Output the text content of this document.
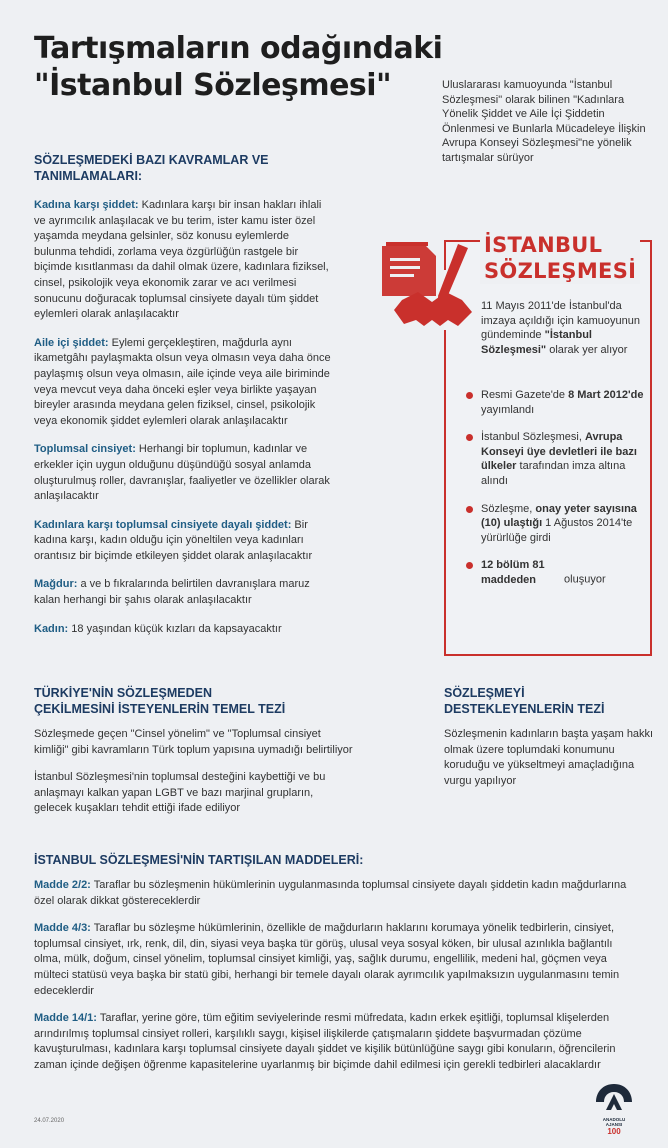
Tartışmaların odağındaki
"İstanbul Sözleşmesi"	Uluslararası kamuoyunda "İstanbul Sözleşmesi" olarak bilinen "Kadınlara Yönelik Şiddet ve Aile İçi Şiddetin Önlenmesi ve Bunlarla Mücadeleye İlişkin Avrupa Konseyi Sözleşmesi"ne yönelik tartışmalar sürüyor
SÖZLEŞMEDEKİ BAZI KAVRAMLAR VE
TANIMLAMALARI:

Kadına karşı şiddet: Kadınlara karşı bir insan hakları ihlali ve ayrımcılık anlaşılacak ve bu terim, ister kamu ister özel yaşamda meydana gelsinler, söz konusu eylemlerde bulunma tehdidi, zorlama veya özgürlüğün rastgele bir biçimde kısıtlanması da dahil olmak üzere, kadınlara fiziksel, cinsel, psikolojik veya ekonomik zarar ve acı verilmesi sonucunu doğuracak toplumsal cinsiyete dayalı tüm şiddet eylemleri olarak anlaşılacaktır

Aile içi şiddet: Eylemi gerçekleştiren, mağdurla aynı ikametgâhı paylaşmakta olsun veya olmasın veya daha önce paylaşmış olsun veya olmasın, aile içinde veya aile biriminde veya mevcut veya daha önceki eşler veya birlikte yaşayan bireyler arasında meydana gelen fiziksel, cinsel, psikolojik veya ekonomik şiddet eylemleri olarak anlaşılacaktır

Toplumsal cinsiyet: Herhangi bir toplumun, kadınlar ve erkekler için uygun olduğunu düşündüğü sosyal anlamda oluşturulmuş roller, davranışlar, faaliyetler ve özellikler olarak anlaşılacaktır

Kadınlara karşı toplumsal cinsiyete dayalı şiddet: Bir kadına karşı, kadın olduğu için yöneltilen veya kadınları orantısız bir biçimde etkileyen şiddet olarak anlaşılacaktır

Mağdur: a ve b fıkralarında belirtilen davranışlara maruz kalan herhangi bir şahıs olarak anlaşılacaktır

Kadın: 18 yaşından küçük kızları da kapsayacaktır

İSTANBUL
SÖZLEŞMESİ
11 Mayıs 2011'de İstanbul'da imzaya açıldığı için kamuoyunun gündeminde "İstanbul Sözleşmesi" olarak yer alıyor
Resmi Gazete'de 8 Mart 2012'de yayımlandı
İstanbul Sözleşmesi, Avrupa Konseyi üye devletleri ile bazı ülkeler tarafından imza altına alındı
Sözleşme, onay yeter sayısına (10) ulaştığı 1 Ağustos 2014'te yürürlüğe girdi
12 bölüm 81 maddeden oluşuyor
TÜRKİYE'NİN SÖZLEŞMEDEN
ÇEKİLMESİNİ İSTEYENLERİN TEMEL TEZİ

Sözleşmede geçen "Cinsel yönelim" ve "Toplumsal cinsiyet kimliği" gibi kavramların Türk toplum yapısına uymadığı belirtiliyor

İstanbul Sözleşmesi'nin toplumsal desteğini kaybettiği ve bu anlaşmayı kalkan yapan LGBT ve bazı marjinal grupların, gelecek kuşakları tehdit ettiği ifade ediliyor

SÖZLEŞMEYİ
DESTEKLEYENLERİN TEZİ

Sözleşmenin kadınların başta yaşam hakkı olmak üzere toplumdaki konumunu koruduğu ve yükseltmeyi amaçladığına vurgu yapılıyor

İSTANBUL SÖZLEŞMESİ'NİN TARTIŞILAN MADDELERİ:

Madde 2/2: Taraflar bu sözleşmenin hükümlerinin uygulanmasında toplumsal cinsiyete dayalı şiddetin kadın mağdurlarına özel olarak dikkat göstereceklerdir

Madde 4/3: Taraflar bu sözleşme hükümlerinin, özellikle de mağdurların haklarını korumaya yönelik tedbirlerin, cinsiyet, toplumsal cinsiyet, ırk, renk, dil, din, siyasi veya başka tür görüş, ulusal veya sosyal köken, bir ulusal azınlıkla bağlantılı olma, mülk, doğum, cinsel yönelim, toplumsal cinsiyet kimliği, yaş, sağlık durumu, engellilik, medeni hal, göçmen veya mülteci statüsü veya başka bir statü gibi, herhangi bir temele dayalı olarak ayrımcılık yapılmaksızın uygulanmasını temin edeceklerdir

Madde 14/1: Taraflar, yerine göre, tüm eğitim seviyelerinde resmi müfredata, kadın erkek eşitliği, toplumsal klişelerden arındırılmış toplumsal cinsiyet rolleri, karşılıklı saygı, kişisel ilişkilerde çatışmaların şiddete başvurmadan çözüme kavuşturulması, kadınlara karşı toplumsal cinsiyete dayalı şiddet ve kişilik bütünlüğüne saygı gibi konuların, öğrencilerin zaman içinde değişen öğrenme kapasitelerine uyarlanmış bir biçimde dahil edilmesi için gerekli tedbirleri alacaklardır

24.07.2020	ANADOLU AJANSI
100
